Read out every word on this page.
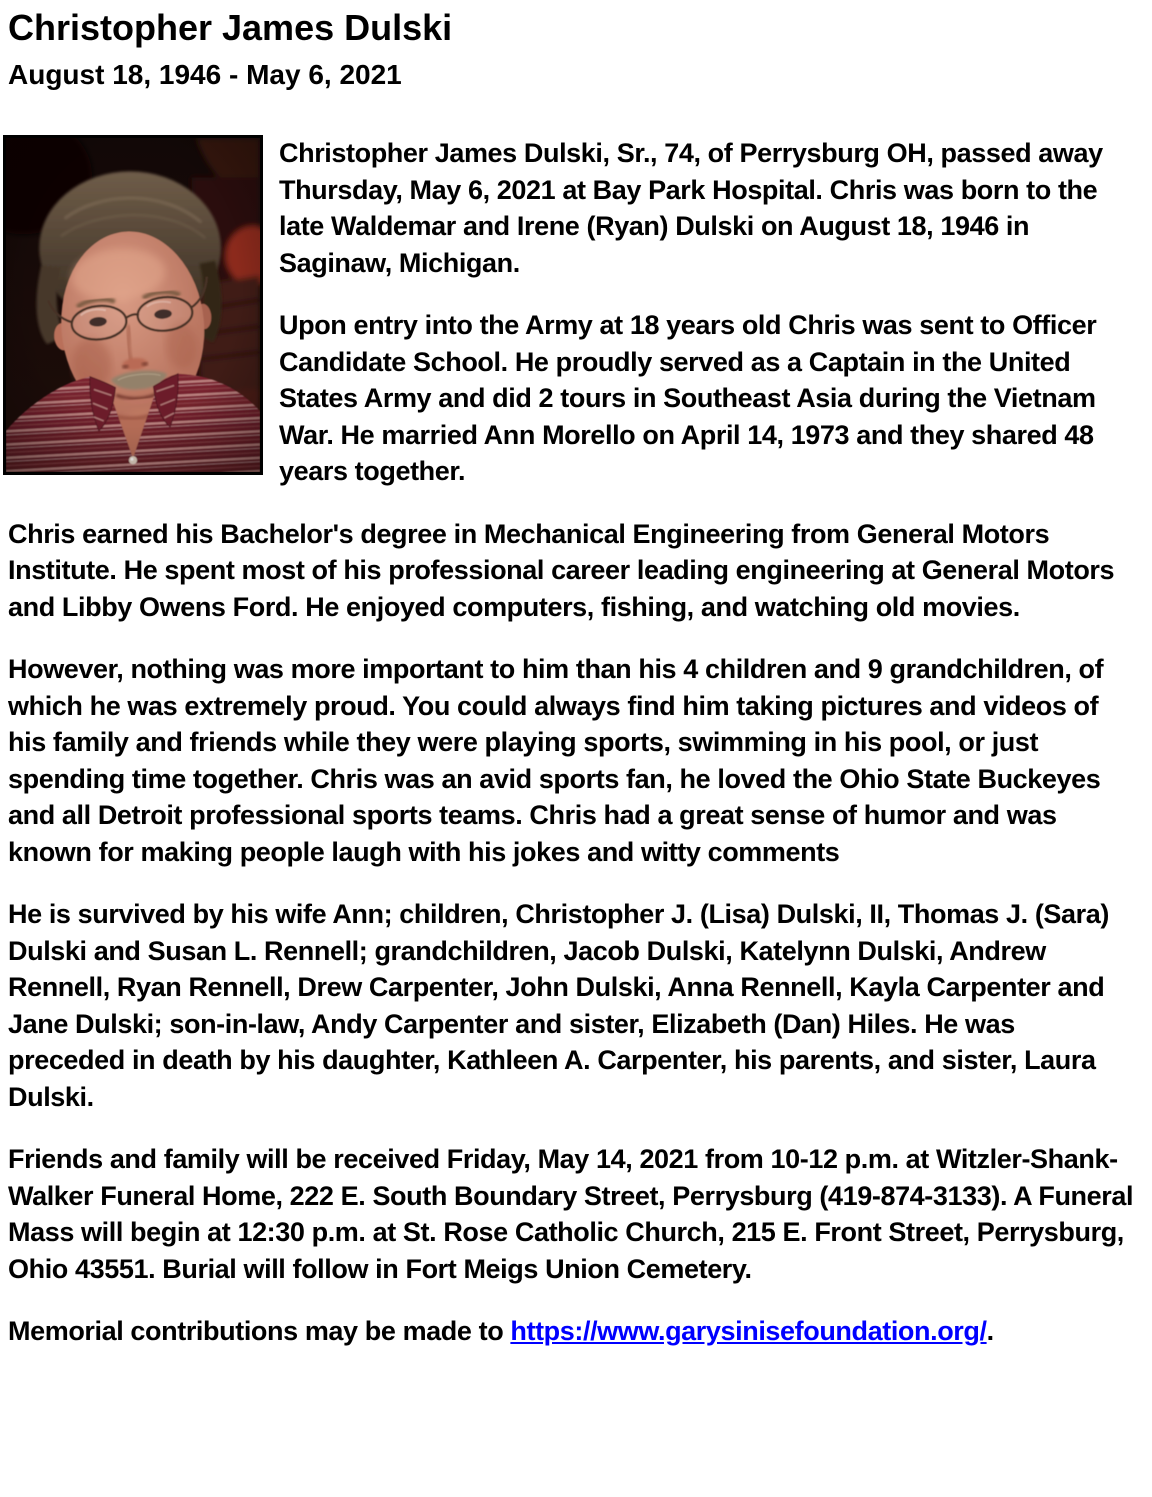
Christopher James Dulski
August 18, 1946 - May 6, 2021

Christopher James Dulski, Sr., 74, of Perrysburg OH, passed away Thursday, May 6, 2021 at Bay Park Hospital. Chris was born to the late Waldemar and Irene (Ryan) Dulski on August 18, 1946 in Saginaw, Michigan.

Upon entry into the Army at 18 years old Chris was sent to Officer Candidate School. He proudly served as a Captain in the United States Army and did 2 tours in Southeast Asia during the Vietnam War. He married Ann Morello on April 14, 1973 and they shared 48 years together.

Chris earned his Bachelor's degree in Mechanical Engineering from General Motors Institute. He spent most of his professional career leading engineering at General Motors and Libby Owens Ford. He enjoyed computers, fishing, and watching old movies.

However, nothing was more important to him than his 4 children and 9 grandchildren, of which he was extremely proud. You could always find him taking pictures and videos of his family and friends while they were playing sports, swimming in his pool, or just spending time together. Chris was an avid sports fan, he loved the Ohio State Buckeyes and all Detroit professional sports teams. Chris had a great sense of humor and was known for making people laugh with his jokes and witty comments

He is survived by his wife Ann; children, Christopher J. (Lisa) Dulski, II, Thomas J. (Sara) Dulski and Susan L. Rennell; grandchildren, Jacob Dulski, Katelynn Dulski, Andrew Rennell, Ryan Rennell, Drew Carpenter, John Dulski, Anna Rennell, Kayla Carpenter and Jane Dulski; son-in-law, Andy Carpenter and sister, Elizabeth (Dan) Hiles. He was preceded in death by his daughter, Kathleen A. Carpenter, his parents, and sister, Laura Dulski.

Friends and family will be received Friday, May 14, 2021 from 10-12 p.m. at Witzler-Shank-Walker Funeral Home, 222 E. South Boundary Street, Perrysburg (419-874-3133). A Funeral Mass will begin at 12:30 p.m. at St. Rose Catholic Church, 215 E. Front Street, Perrysburg, Ohio 43551. Burial will follow in Fort Meigs Union Cemetery.

Memorial contributions may be made to https://www.garysinisefoundation.org/.
